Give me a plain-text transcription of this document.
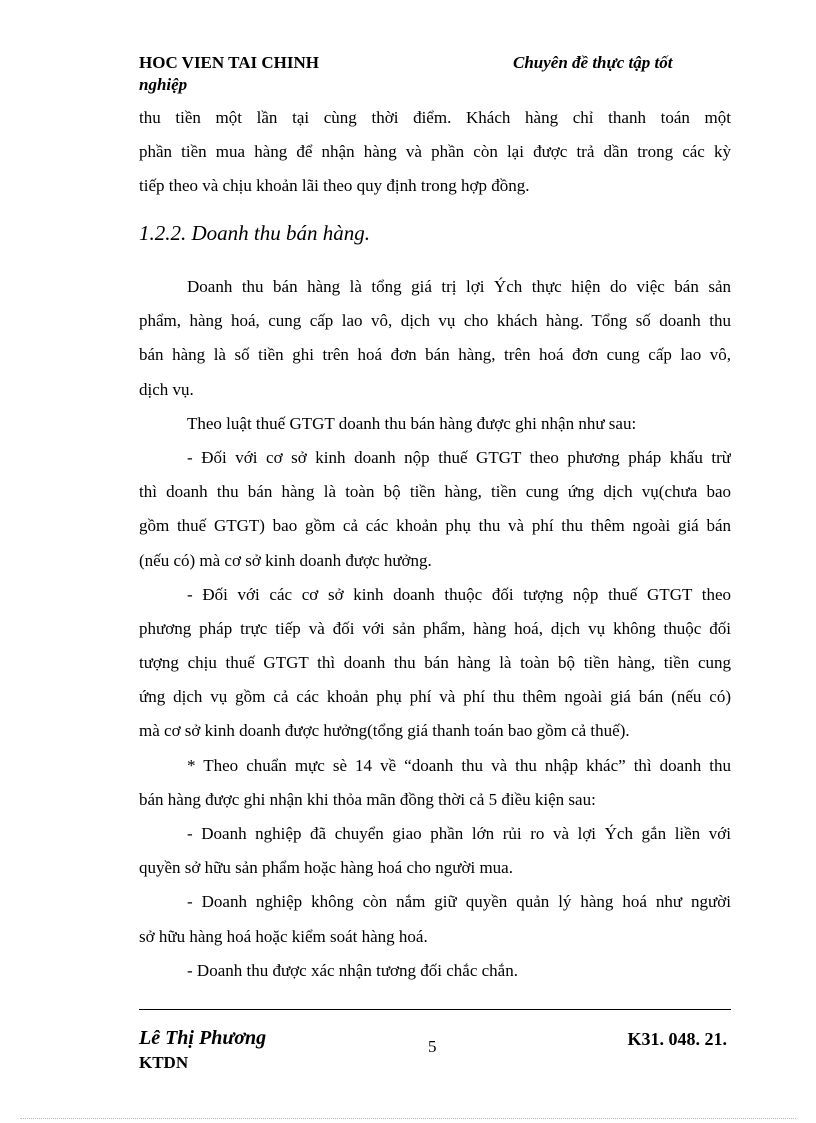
HOC VIEN TAI CHINH
nghiệp
Chuyên đề thực tập tốt
thu tiền một lần tại cùng thời điểm. Khách hàng chỉ thanh toán một
phần tiền mua hàng để nhận hàng và phần còn lại được trả dần trong các kỳ
tiếp theo và chịu khoản lãi theo quy định trong hợp đồng.
1.2.2. Doanh thu bán hàng.
Doanh thu bán hàng là tổng giá trị lợi Ých thực hiện do việc bán sản
phẩm, hàng hoá, cung cấp lao vô, dịch vụ cho khách hàng. Tổng số doanh thu
bán hàng là số tiền ghi trên hoá đơn bán hàng, trên hoá đơn cung cấp lao vô,
dịch vụ.
Theo luật thuế GTGT doanh thu bán hàng được ghi nhận như sau:
- Đối với cơ sở kinh doanh nộp thuế GTGT theo phương pháp khấu trừ
thì doanh thu bán hàng là toàn bộ tiền hàng, tiền cung ứng dịch vụ(chưa bao
gồm thuế GTGT) bao gồm cả các khoản phụ thu và phí thu thêm ngoài giá bán
(nếu có) mà cơ sở kinh doanh được hưởng.
- Đối với các cơ sở kinh doanh thuộc đối tượng nộp thuế GTGT theo
phương pháp trực tiếp và đối với sản phẩm, hàng hoá, dịch vụ không thuộc đối
tượng chịu thuế GTGT thì doanh thu bán hàng là toàn bộ tiền hàng, tiền cung
ứng dịch vụ gồm cả các khoản phụ phí và phí thu thêm ngoài giá bán (nếu có)
mà cơ sở kinh doanh được hưởng(tổng giá thanh toán bao gồm cả thuế).
* Theo chuẩn mực sè 14 về “doanh thu và thu nhập khác” thì doanh thu
bán hàng được ghi nhận khi thỏa mãn đồng thời cả 5 điều kiện sau:
- Doanh nghiệp đã chuyển giao phần lớn rủi ro và lợi Ých gắn liền với
quyền sở hữu sản phẩm hoặc hàng hoá cho người mua.
- Doanh nghiệp không còn nắm giữ quyền quản lý hàng hoá như người
sở hữu hàng hoá hoặc kiểm soát hàng hoá.
- Doanh thu được xác nhận tương đối chắc chắn.
Lê Thị Phương
KTDN
5	K31. 048. 21.
